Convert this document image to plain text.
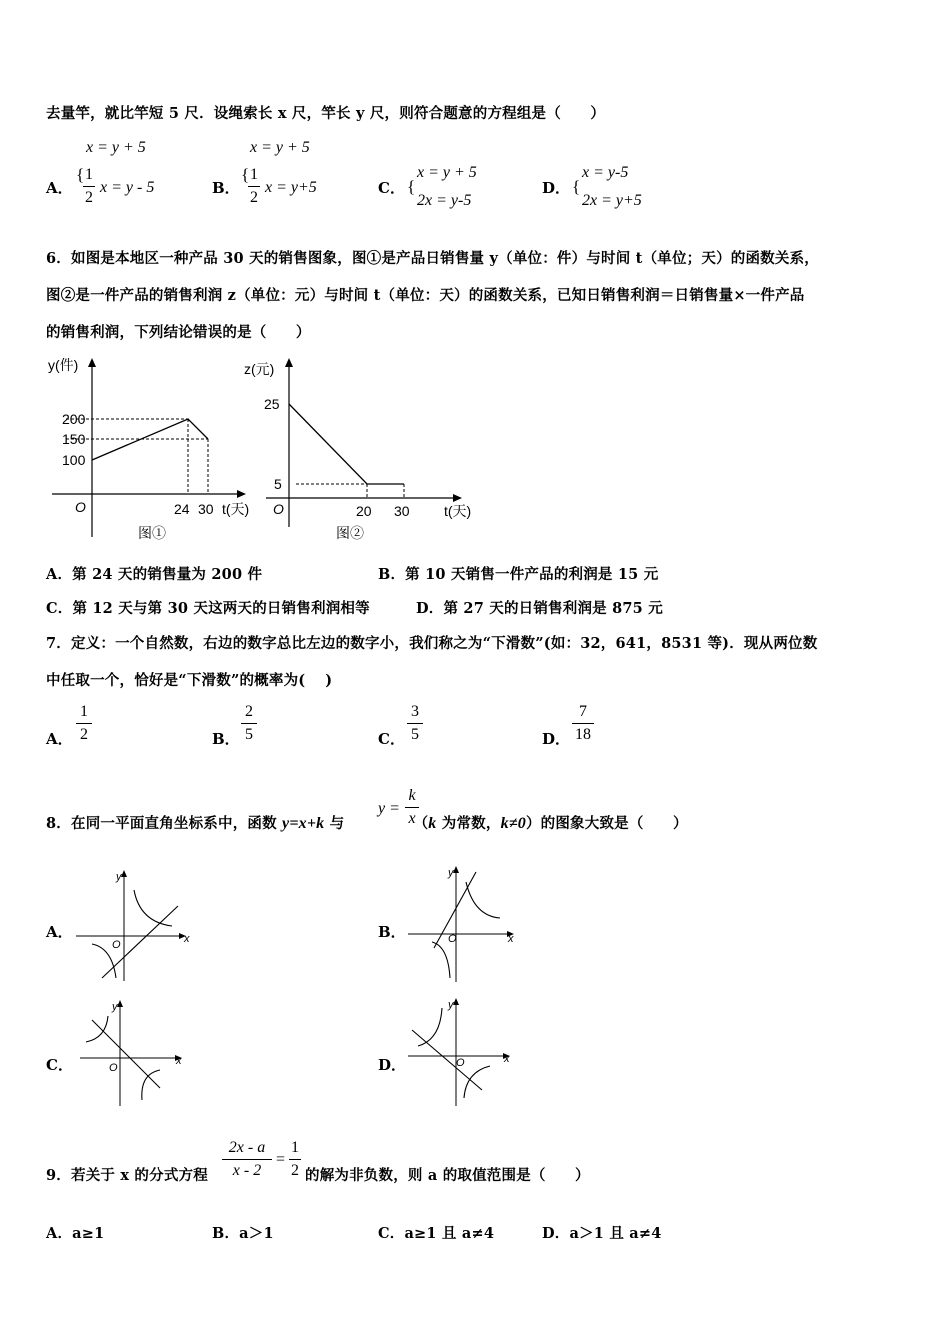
去量竿，就比竿短 5 尺．设绳索长 x 尺，竿长 y 尺，则符合题意的方程组是（　　）
A．
x = y + 5
{ 1
2
x = y - 5	B．
x = y + 5
{ 1
2
x = y+5	C． {
x = y + 5
2x = y-5
D． {
x = y-5
2x = y+5
6．如图是本地区一种产品 30 天的销售图象，图①是产品日销售量 y（单位：件）与时间 t（单位；天）的函数关系，
图②是一件产品的销售利润 z（单位：元）与时间 t（单位：天）的函数关系，已知日销售利润＝日销售量×一件产品
的销售利润，下列结论错误的是（　　）
y(件)
200
150
100
O	24 30 t(天)
图①
z(元)
25
5
O	20 30 t(天)
图②
A．第 24 天的销售量为 200 件	B．第 10 天销售一件产品的利润是 15 元
C．第 12 天与第 30 天这两天的日销售利润相等	D．第 27 天的日销售利润是 875 元
7．定义：一个自然数，右边的数字总比左边的数字小，我们称之为“下滑数”(如：32，641，8531 等)．现从两位数
中任取一个，恰好是“下滑数”的概率为(　 )
A．
1
2	B．
2
5	C．
3
5	D．
7
18
8．在同一平面直角坐标系中，函数 y=x+k 与	（k 为常数，k≠0）的图象大致是（　　）
y =
k
x
A．
y
x
O
B．
y
x
O
C．
y
x
O	D．
y
x
O
9．若关于 x 的分式方程
2x - a
x - 2
=
1
2 的解为非负数，则 a 的取值范围是（　　）
A．a≥1	B．a＞1	C．a≥1 且 a≠4	D．a＞1 且 a≠4
